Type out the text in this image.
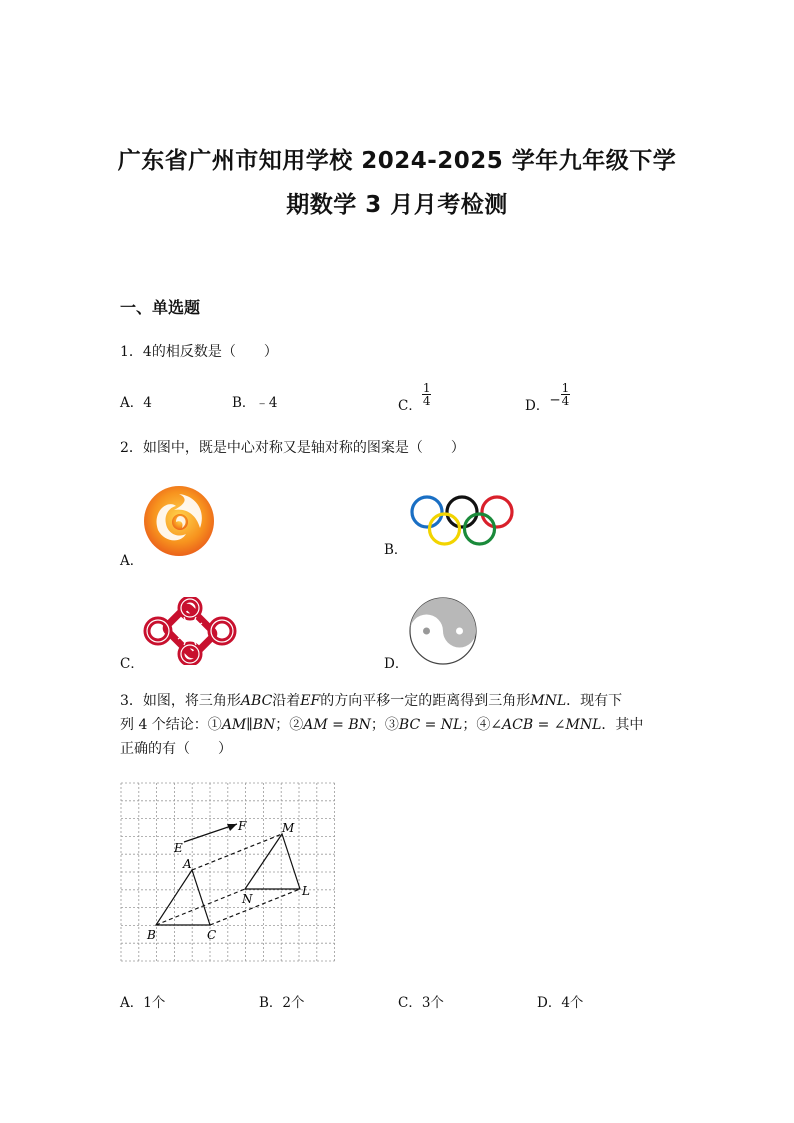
广东省广州市知用学校 2024-2025 学年九年级下学
期数学 3 月月考检测
一、单选题
1．4的相反数是（　　）
A．4	B．﹣4	C． $\frac{1}{4}$	D．− $\frac{1}{4}$
2．如图中，既是中心对称又是轴对称的图案是（　　）
A．
B．
C．	D．
3．如图，将三角形ABC沿着EF的方向平移一定的距离得到三角形MNL．现有下
列 4 个结论：①AM∥BN；②AM = BN；③BC = NL；④∠ACB = ∠MNL．其中
正确的有（　　）
E
F
A
B	C
M
N
L
A．1个	B．2个	C．3个	D．4个
